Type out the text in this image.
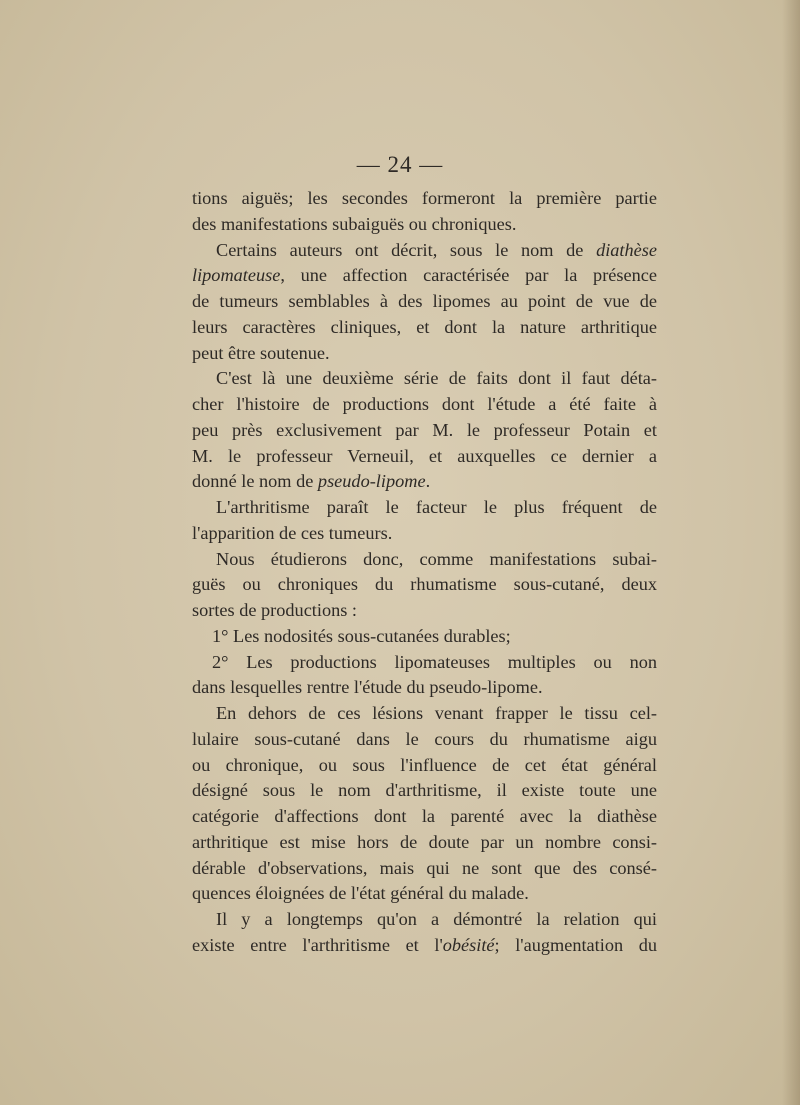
— 24 —
tions aiguës; les secondes formeront la première partie
des manifestations subaiguës ou chroniques.
Certains auteurs ont décrit, sous le nom de diathèse
lipomateuse, une affection caractérisée par la présence
de tumeurs semblables à des lipomes au point de vue de
leurs caractères cliniques, et dont la nature arthritique
peut être soutenue.
C'est là une deuxième série de faits dont il faut déta-
cher l'histoire de productions dont l'étude a été faite à
peu près exclusivement par M. le professeur Potain et
M. le professeur Verneuil, et auxquelles ce dernier a
donné le nom de pseudo-lipome.
L'arthritisme paraît le facteur le plus fréquent de
l'apparition de ces tumeurs.
Nous étudierons donc, comme manifestations subai-
guës ou chroniques du rhumatisme sous-cutané, deux
sortes de productions :
1° Les nodosités sous-cutanées durables;
2° Les productions lipomateuses multiples ou non
dans lesquelles rentre l'étude du pseudo-lipome.
En dehors de ces lésions venant frapper le tissu cel-
lulaire sous-cutané dans le cours du rhumatisme aigu
ou chronique, ou sous l'influence de cet état général
désigné sous le nom d'arthritisme, il existe toute une
catégorie d'affections dont la parenté avec la diathèse
arthritique est mise hors de doute par un nombre consi-
dérable d'observations, mais qui ne sont que des consé-
quences éloignées de l'état général du malade.
Il y a longtemps qu'on a démontré la relation qui
existe entre l'arthritisme et l'obésité; l'augmentation du
